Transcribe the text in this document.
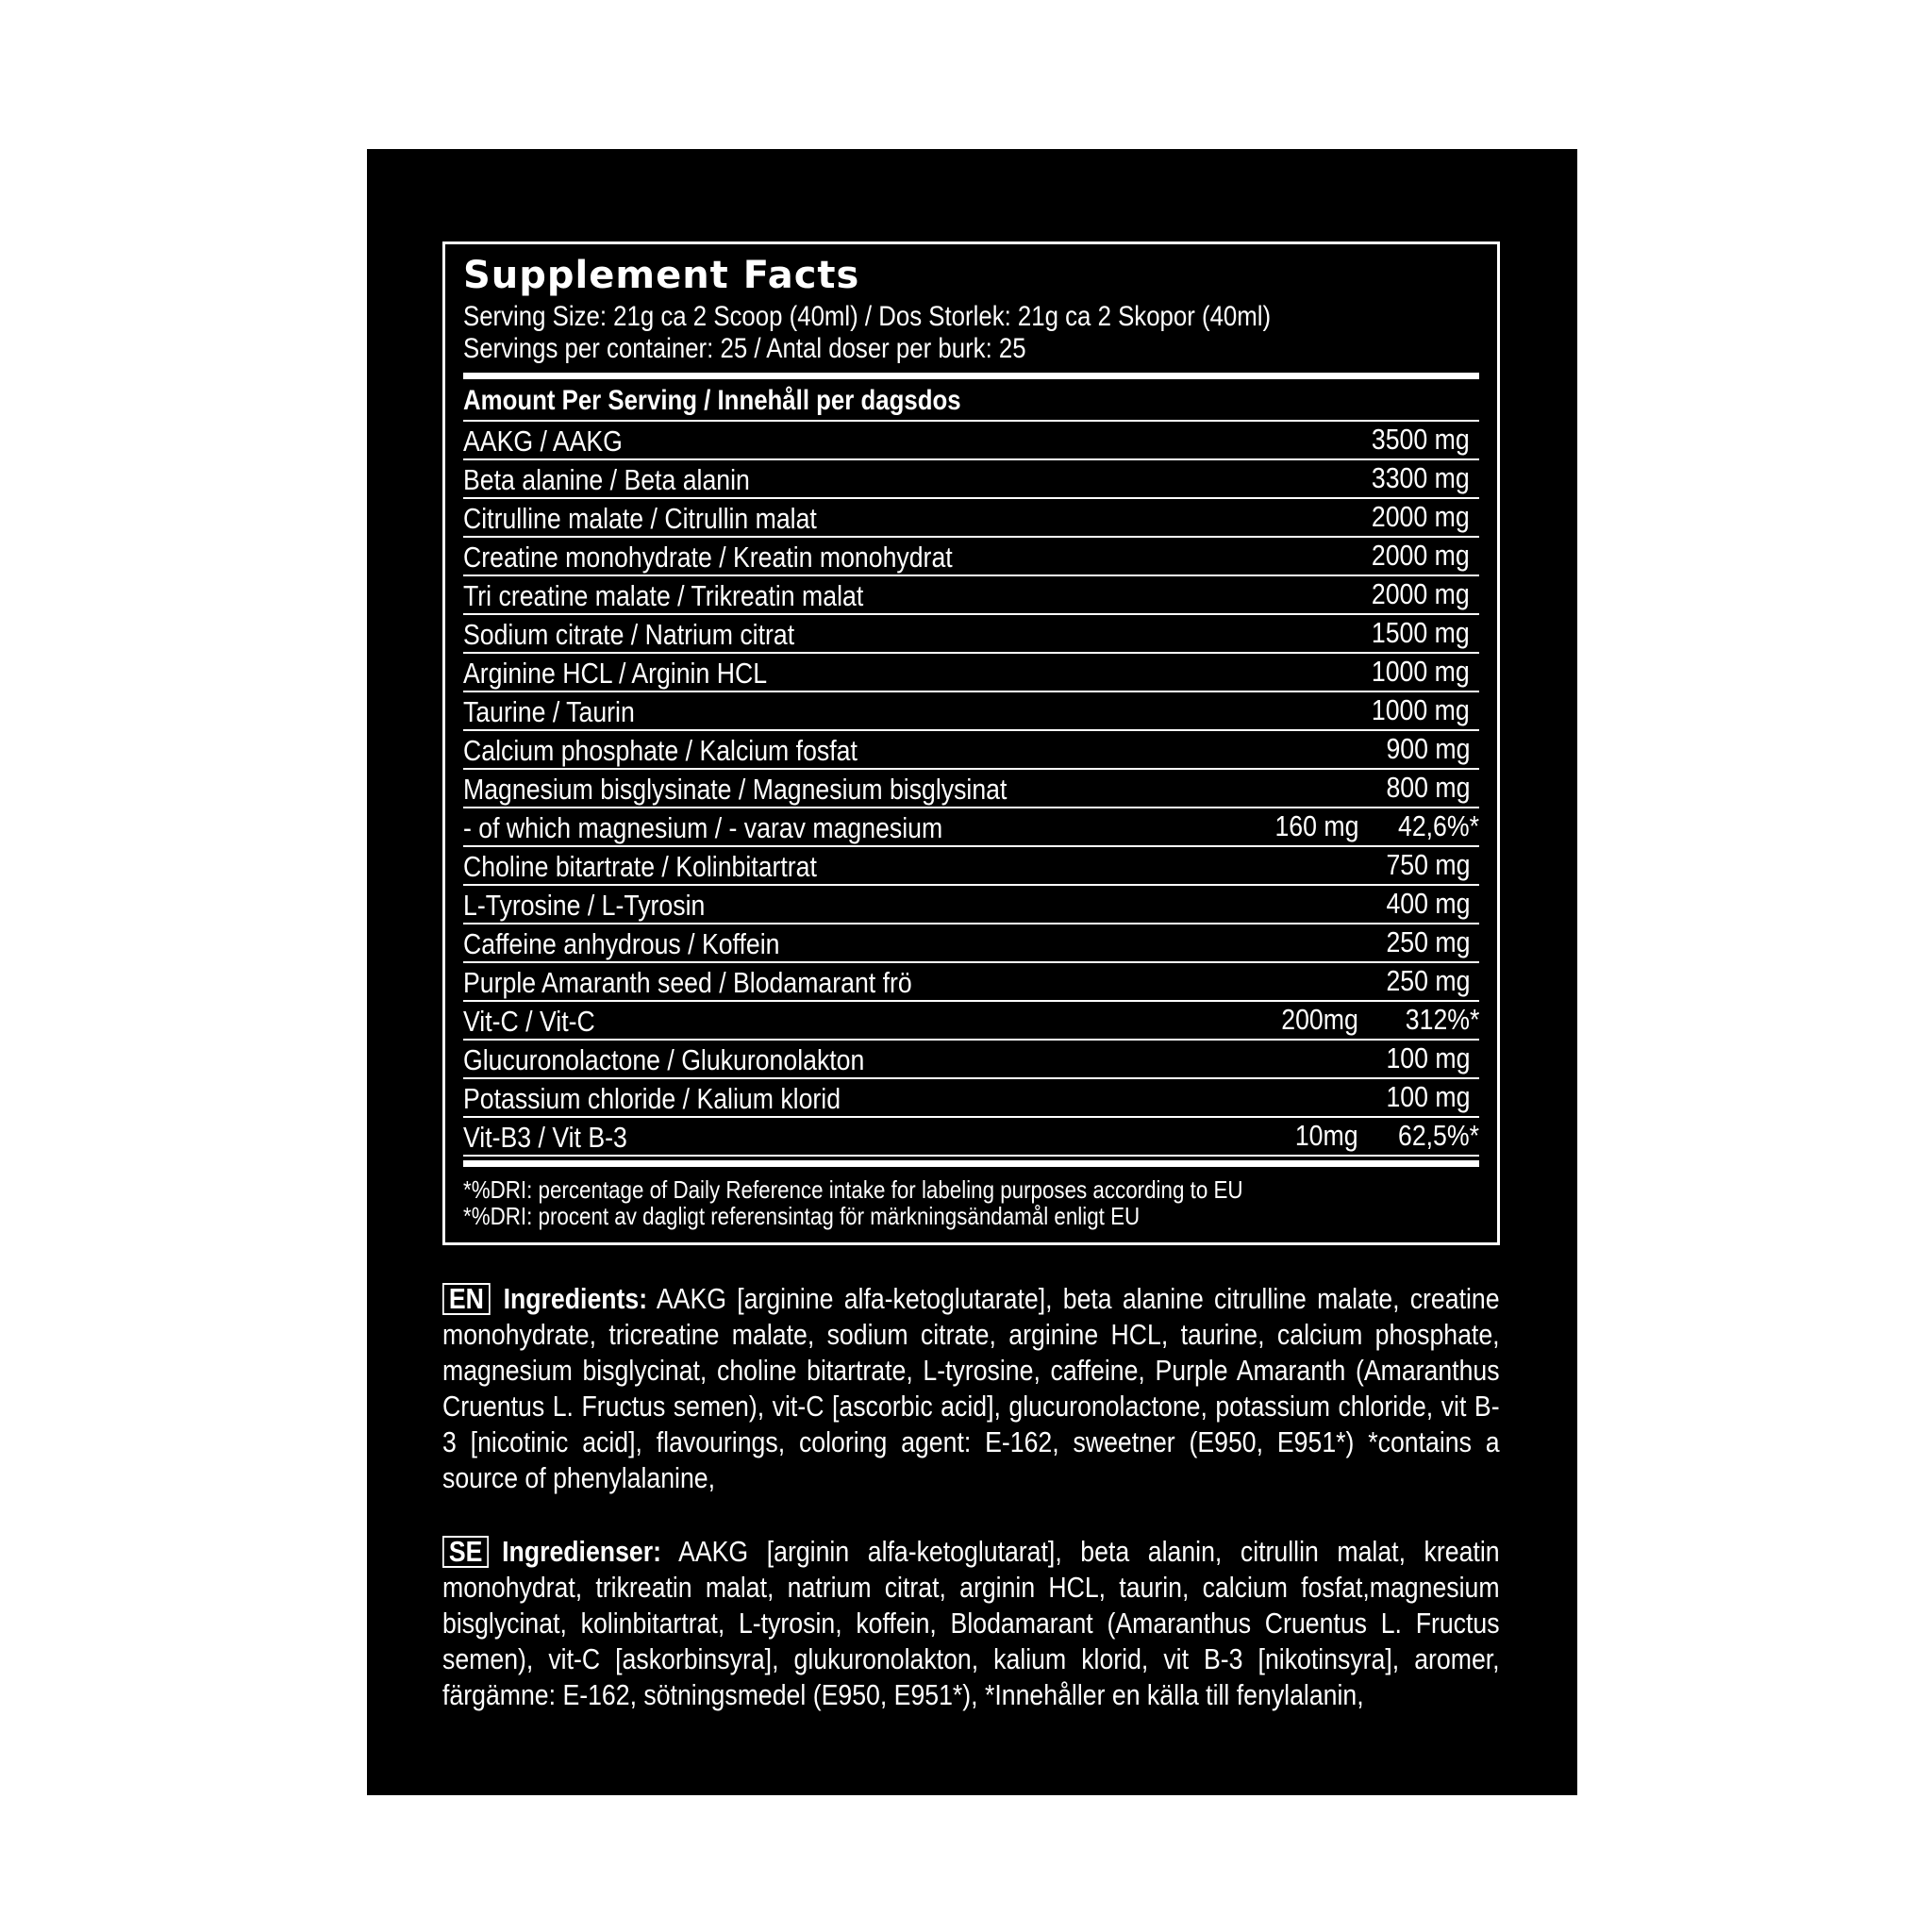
Supplement Facts
Serving Size: 21g ca 2 Scoop (40ml) / Dos Storlek: 21g ca 2 Skopor (40ml)
Servings per container: 25 / Antal doser per burk: 25
Amount Per Serving / Innehåll per dagsdos
AAKG / AAKG	3500 mg
Beta alanine / Beta alanin	3300 mg
Citrulline malate / Citrullin malat	2000 mg
Creatine monohydrate / Kreatin monohydrat	2000 mg
Tri creatine malate / Trikreatin malat	2000 mg
Sodium citrate / Natrium citrat	1500 mg
Arginine HCL / Arginin HCL	1000 mg
Taurine / Taurin	1000 mg
Calcium phosphate / Kalcium fosfat	900 mg
Magnesium bisglysinate / Magnesium bisglysinat	800 mg
- of which magnesium / - varav magnesium	160 mg 42,6%*
Choline bitartrate / Kolinbitartrat	750 mg
L-Tyrosine / L-Tyrosin	400 mg
Caffeine anhydrous / Koffein	250 mg
Purple Amaranth seed / Blodamarant frö	250 mg
Vit-C / Vit-C	200mg 312%*
Glucuronolactone / Glukuronolakton	100 mg
Potassium chloride / Kalium klorid	100 mg
Vit-B3 / Vit B-3	10mg 62,5%*
*%DRI: percentage of Daily Reference intake for labeling purposes according to EU
*%DRI: procent av dagligt referensintag för märkningsändamål enligt EU
EN Ingredients: AAKG [arginine alfa-ketoglutarate], beta alanine citrulline malate, creatine monohydrate, tricreatine malate, sodium citrate, arginine HCL, taurine, calcium phosphate, magnesium bisglycinat, choline bitartrate, L-tyrosine, caffeine, Purple Amaranth (Amaranthus Cruentus L. Fructus semen), vit-C [ascorbic acid], glucuronolactone, potassium chloride, vit B-3 [nicotinic acid], flavourings, coloring agent: E-162, sweetner (E950, E951*) *contains a source of phenylalanine,
SE Ingredienser: AAKG [arginin alfa-ketoglutarat], beta alanin, citrullin malat, kreatin monohydrat, trikreatin malat, natrium citrat, arginin HCL, taurin, calcium fosfat,magnesium bisglycinat, kolinbitartrat, L-tyrosin, koffein, Blodamarant (Amaranthus Cruentus L. Fructus semen), vit-C [askorbinsyra], glukuronolakton, kalium klorid, vit B-3 [nikotinsyra], aromer, färgämne: E-162, sötningsmedel (E950, E951*), *Innehåller en källa till fenylalanin,
